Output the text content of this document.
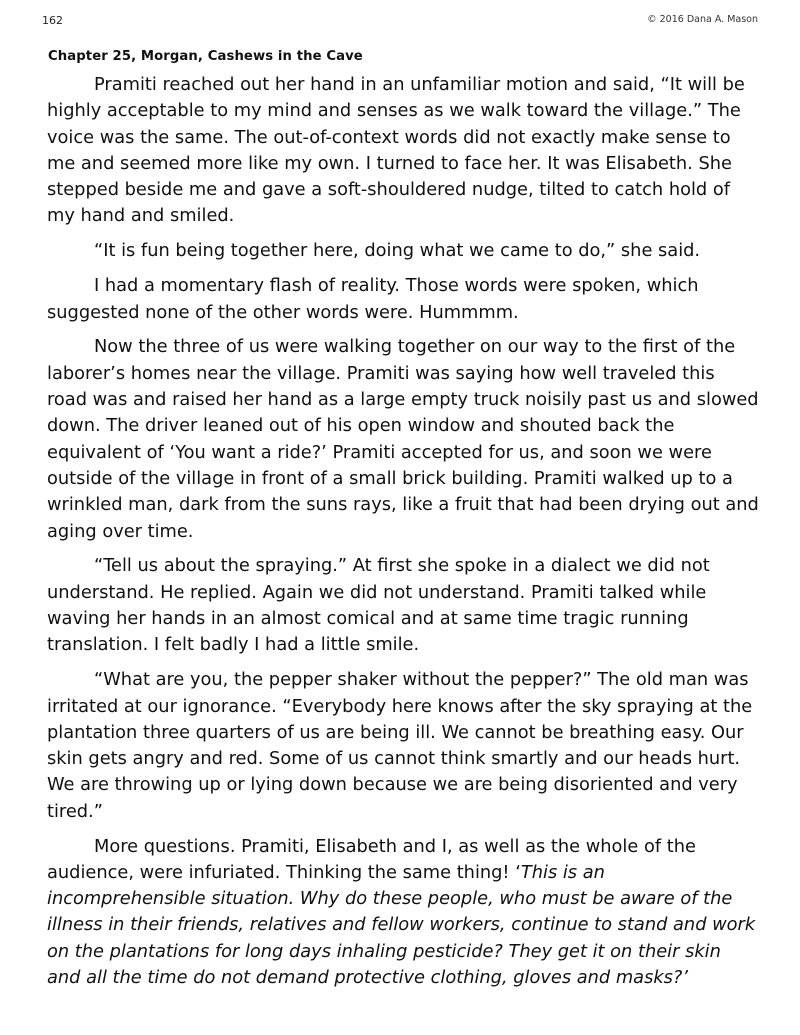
162	© 2016 Dana A. Mason
Chapter 25, Morgan, Cashews in the Cave

Pramiti reached out her hand in an unfamiliar motion and said, “It will be highly acceptable to my mind and senses as we walk toward the village.” The voice was the same. The out-of-context words did not exactly make sense to me and seemed more like my own. I turned to face her. It was Elisabeth. She stepped beside me and gave a soft-shouldered nudge, tilted to catch hold of my hand and smiled.

“It is fun being together here, doing what we came to do,” she said.

I had a momentary flash of reality. Those words were spoken, which suggested none of the other words were. Hummmm.

Now the three of us were walking together on our way to the first of the laborer’s homes near the village. Pramiti was saying how well traveled this road was and raised her hand as a large empty truck noisily past us and slowed down. The driver leaned out of his open window and shouted back the equivalent of ‘You want a ride?’ Pramiti accepted for us, and soon we were outside of the village in front of a small brick building. Pramiti walked up to a wrinkled man, dark from the suns rays, like a fruit that had been drying out and aging over time.

“Tell us about the spraying.” At first she spoke in a dialect we did not understand. He replied. Again we did not understand. Pramiti talked while waving her hands in an almost comical and at same time tragic running translation. I felt badly I had a little smile.

“What are you, the pepper shaker without the pepper?” The old man was irritated at our ignorance. “Everybody here knows after the sky spraying at the plantation three quarters of us are being ill. We cannot be breathing easy. Our skin gets angry and red. Some of us cannot think smartly and our heads hurt. We are throwing up or lying down because we are being disoriented and very tired.”

More questions. Pramiti, Elisabeth and I, as well as the whole of the audience, were infuriated. Thinking the same thing! ‘This is an incomprehensible situation. Why do these people, who must be aware of the illness in their friends, relatives and fellow workers, continue to stand and work on the plantations for long days inhaling pesticide? They get it on their skin and all the time do not demand protective clothing, gloves and masks?’
